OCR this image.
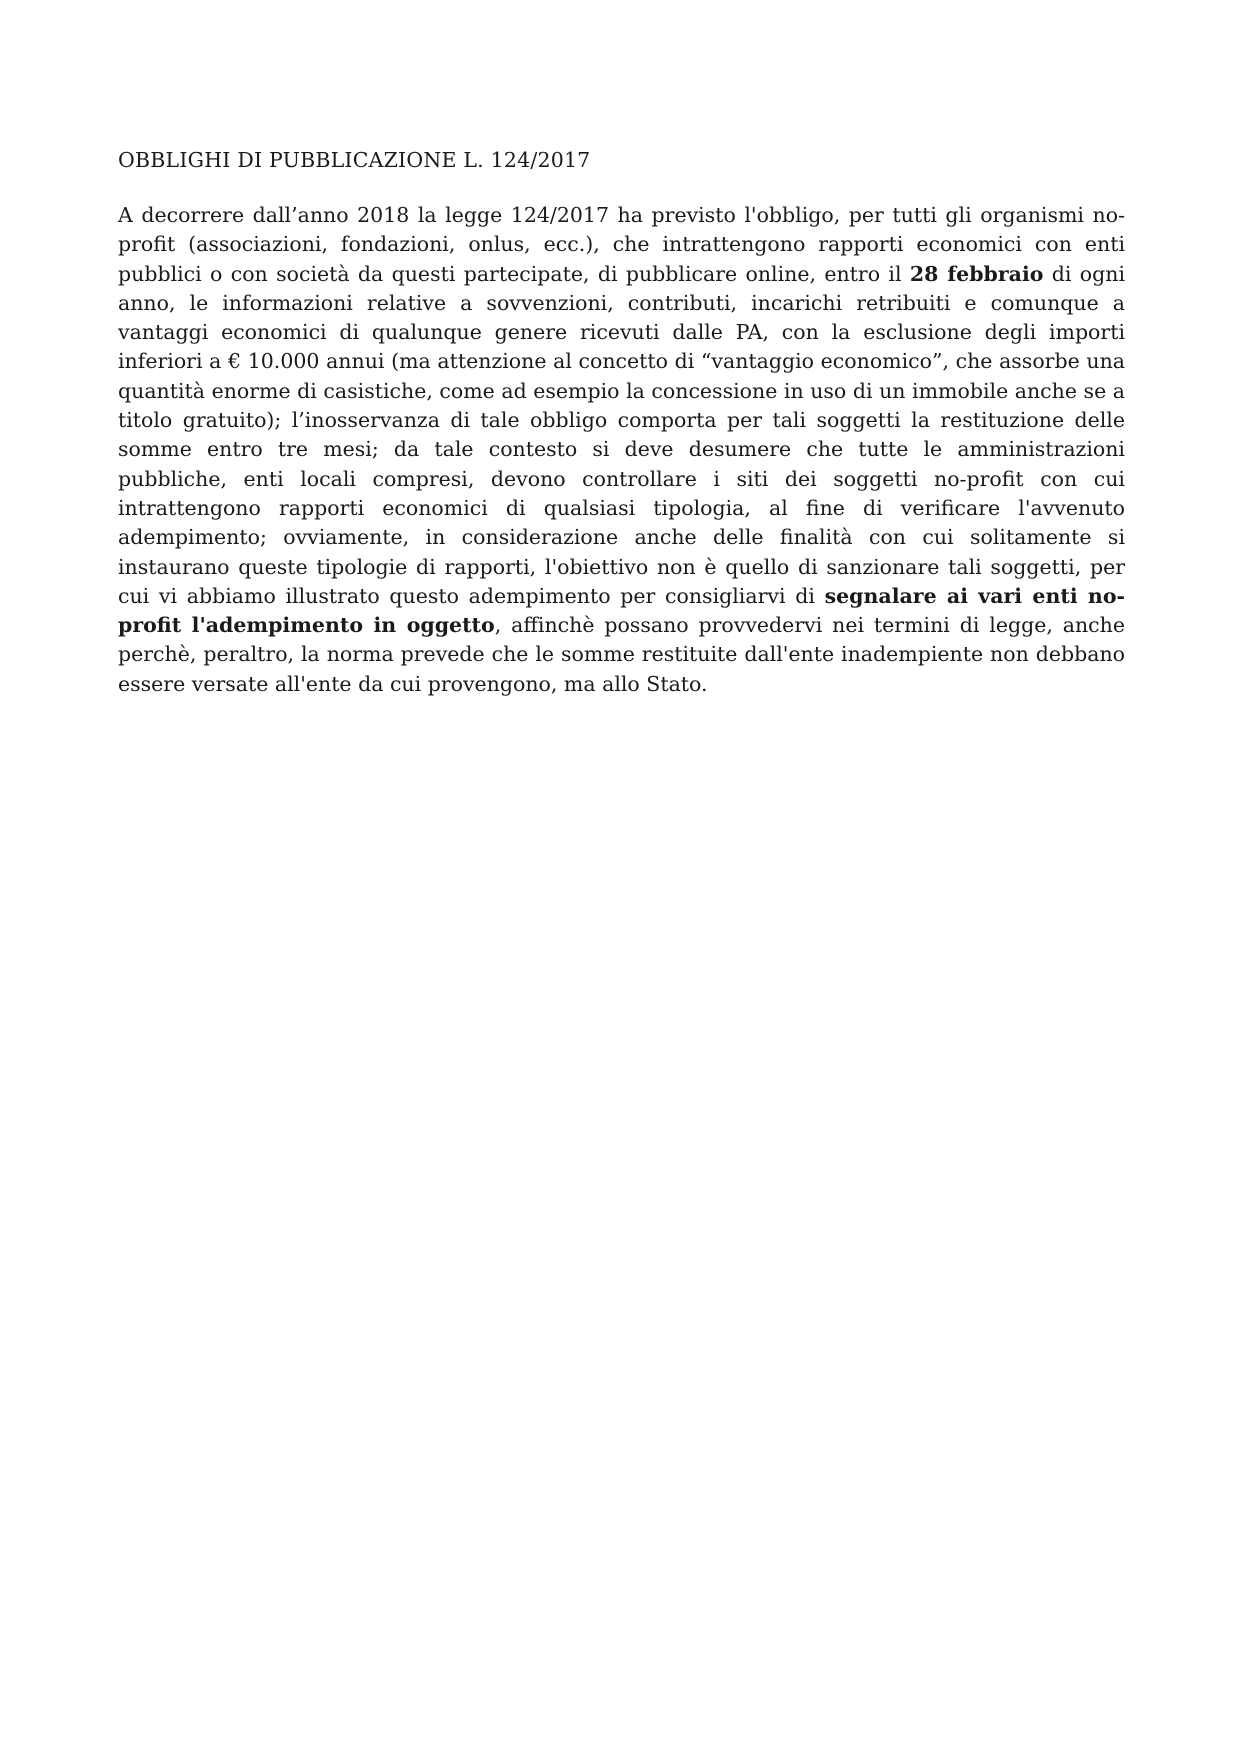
OBBLIGHI DI PUBBLICAZIONE L. 124/2017

A decorrere dall’anno 2018 la legge 124/2017 ha previsto l'obbligo, per tutti gli organismi no-profit (associazioni, fondazioni, onlus, ecc.), che intrattengono rapporti economici con enti pubblici o con società da questi partecipate, di pubblicare online, entro il 28 febbraio di ogni anno, le informazioni relative a sovvenzioni, contributi, incarichi retribuiti e comunque a vantaggi economici di qualunque genere ricevuti dalle PA, con la esclusione degli importi inferiori a € 10.000 annui (ma attenzione al concetto di “vantaggio economico”, che assorbe una quantità enorme di casistiche, come ad esempio la concessione in uso di un immobile anche se a titolo gratuito); l’inosservanza di tale obbligo comporta per tali soggetti la restituzione delle somme entro tre mesi; da tale contesto si deve desumere che tutte le amministrazioni pubbliche, enti locali compresi, devono controllare i siti dei soggetti no-profit con cui intrattengono rapporti economici di qualsiasi tipologia, al fine di verificare l'avvenuto adempimento; ovviamente, in considerazione anche delle finalità con cui solitamente si instaurano queste tipologie di rapporti, l'obiettivo non è quello di sanzionare tali soggetti, per cui vi abbiamo illustrato questo adempimento per consigliarvi di segnalare ai vari enti no-profit l'adempimento in oggetto, affinchè possano provvedervi nei termini di legge, anche perchè, peraltro, la norma prevede che le somme restituite dall'ente inadempiente non debbano essere versate all'ente da cui provengono, ma allo Stato.
